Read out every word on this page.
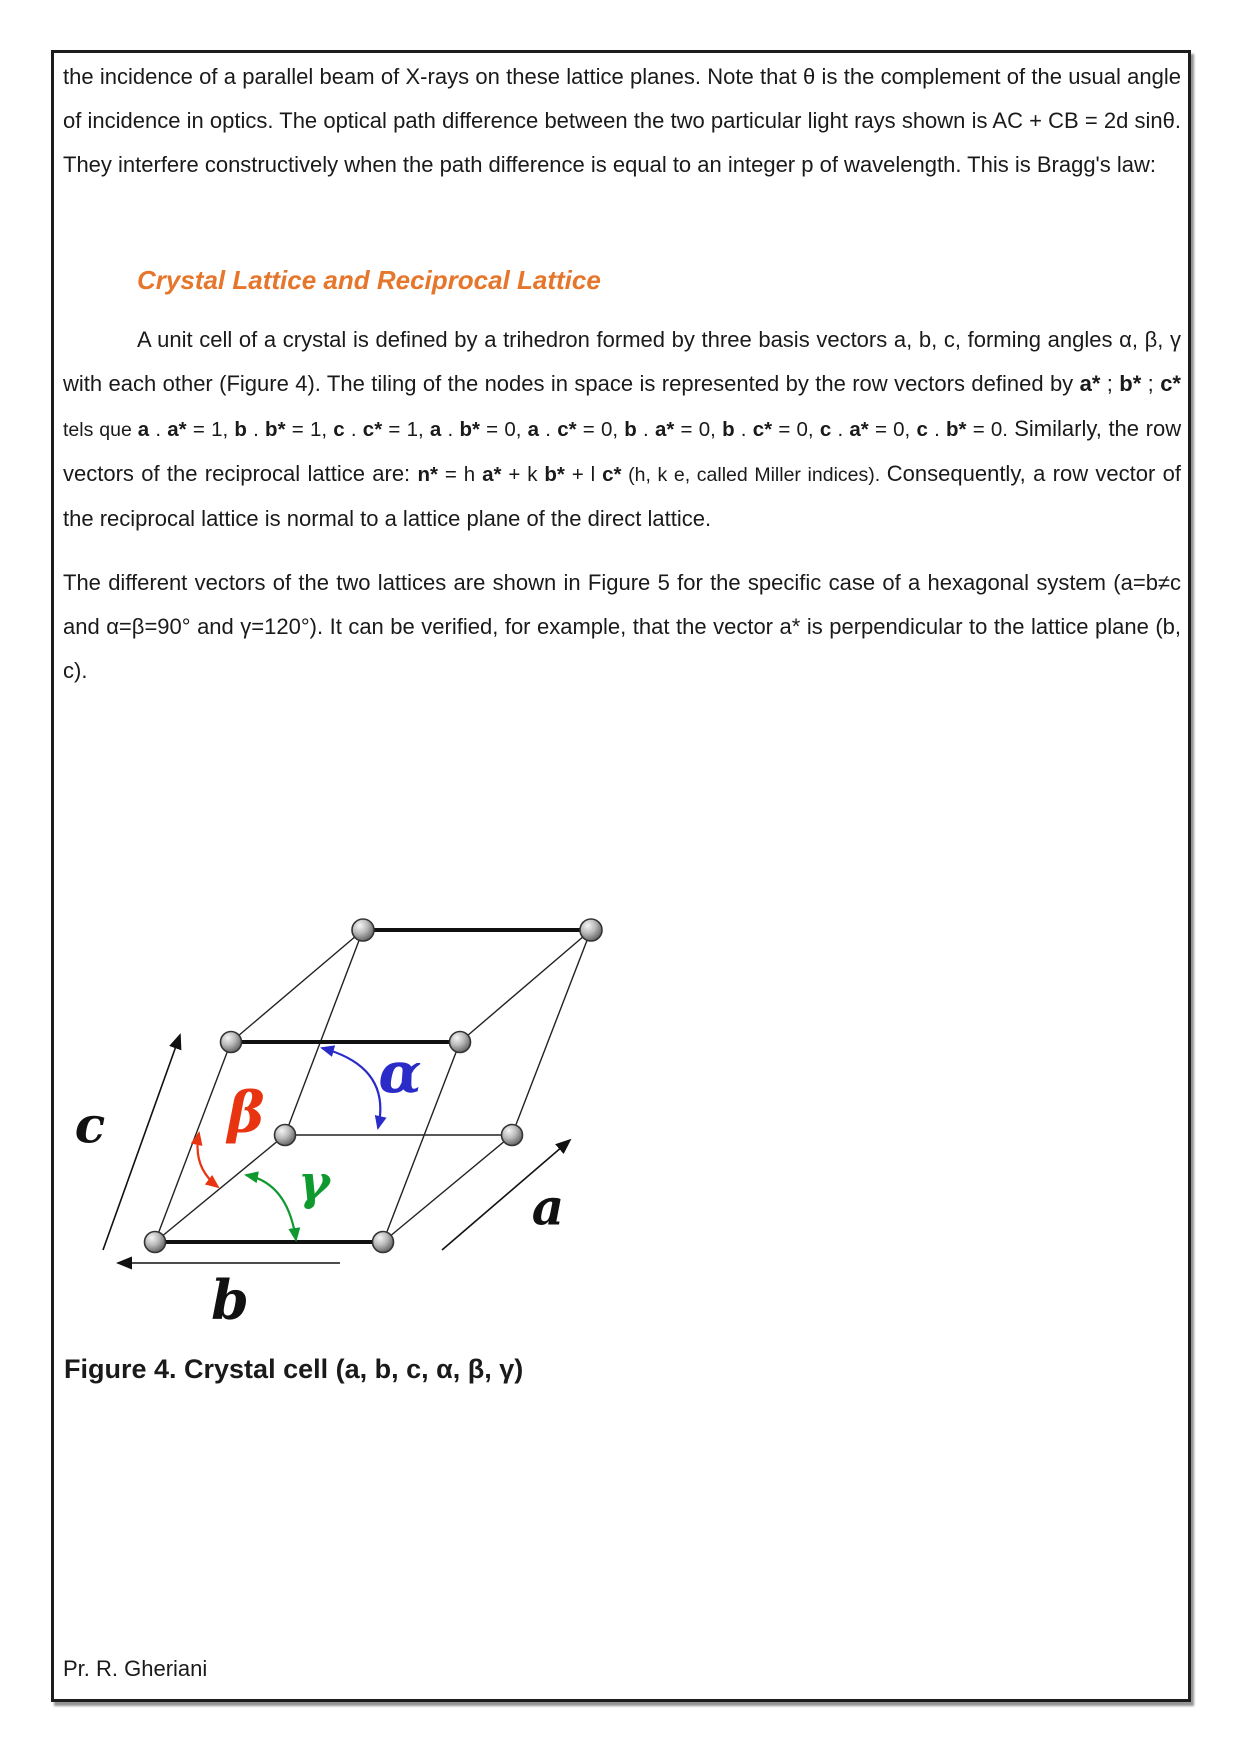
the incidence of a parallel beam of X-rays on these lattice planes. Note that θ is the complement of the usual angle of incidence in optics. The optical path difference between the two particular light rays shown is AC + CB = 2d sinθ. They interfere constructively when the path difference is equal to an integer p of wavelength. This is Bragg's law:
Crystal Lattice and Reciprocal Lattice
A unit cell of a crystal is defined by a trihedron formed by three basis vectors a, b, c, forming angles α, β, γ with each other (Figure 4). The tiling of the nodes in space is represented by the row vectors defined by a* ; b* ; c* tels que a . a* = 1, b . b* = 1, c . c* = 1, a . b* = 0, a . c* = 0, b . a* = 0, b . c* = 0, c . a* = 0, c . b* = 0. Similarly, the row vectors of the reciprocal lattice are: n* = h a* + k b* + l c* (h, k e, called Miller indices). Consequently, a row vector of the reciprocal lattice is normal to a lattice plane of the direct lattice.
The different vectors of the two lattices are shown in Figure 5 for the specific case of a hexagonal system (a=b≠c and α=β=90° and γ=120°). It can be verified, for example, that the vector a* is perpendicular to the lattice plane (b, c).
c
a
b
α
β
γ
Figure 4. Crystal cell (a, b, c, α, β, γ)
Pr. R. Gheriani
